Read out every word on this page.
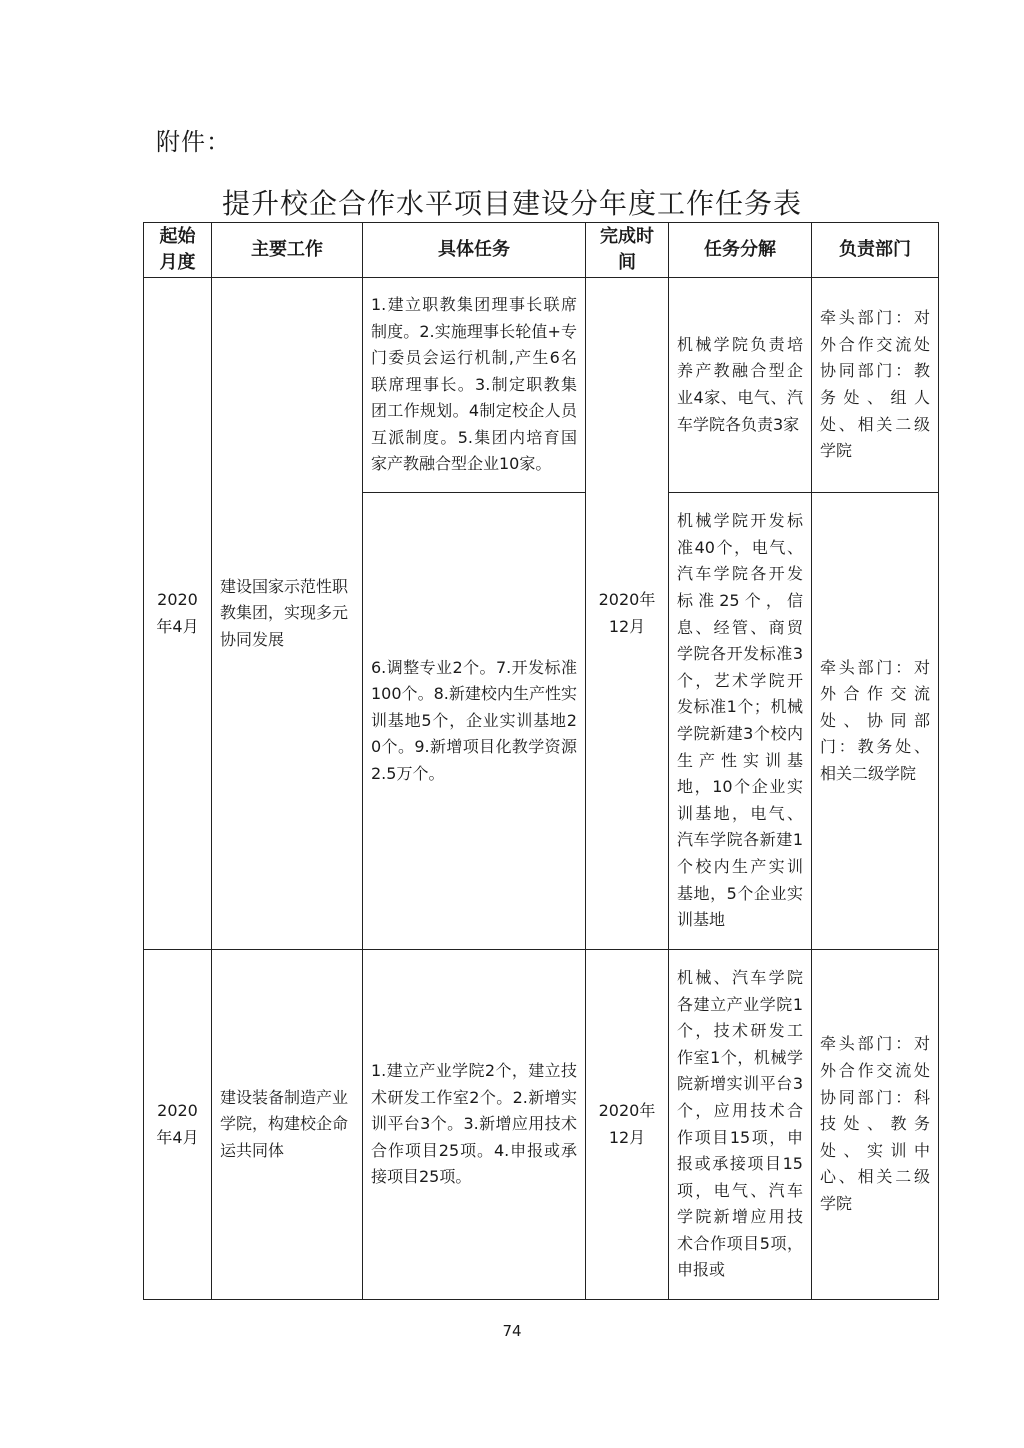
附件：
提升校企合作水平项目建设分年度工作任务表
起始月度	主要工作	具体任务	完成时间	任务分解	负责部门
2020年4月	建设国家示范性职教集团，实现多元协同发展	1.建立职教集团理事长联席制度。2.实施理事长轮值+专门委员会运行机制,产生6名联席理事长。3.制定职教集团工作规划。4制定校企人员互派制度。5.集团内培育国家产教融合型企业10家。	2020年12月	机械学院负责培养产教融合型企业4家、电气、汽车学院各负责3家	牵头部门：对外合作交流处协同部门：教务处、组人处、相关二级学院
		6.调整专业2个。7.开发标准100个。8.新建校内生产性实训基地5个，企业实训基地20个。9.新增项目化教学资源2.5万个。		机械学院开发标准40个，电气、汽车学院各开发标准25个，信息、经管、商贸学院各开发标准3个，艺术学院开发标准1个；机械学院新建3个校内生产性实训基地，10个企业实训基地，电气、汽车学院各新建1个校内生产实训基地，5个企业实训基地	牵头部门：对外合作交流处、协同部门：教务处、相关二级学院
2020年4月	建设装备制造产业学院，构建校企命运共同体	1.建立产业学院2个，建立技术研发工作室2个。2.新增实训平台3个。3.新增应用技术合作项目25项。4.申报或承接项目25项。	2020年12月	机械、汽车学院各建立产业学院1个，技术研发工作室1个，机械学院新增实训平台3个，应用技术合作项目15项，申报或承接项目15项，电气、汽车学院新增应用技术合作项目5项，申报或	牵头部门：对外合作交流处协同部门：科技处、教务处、实训中心、相关二级学院
74
